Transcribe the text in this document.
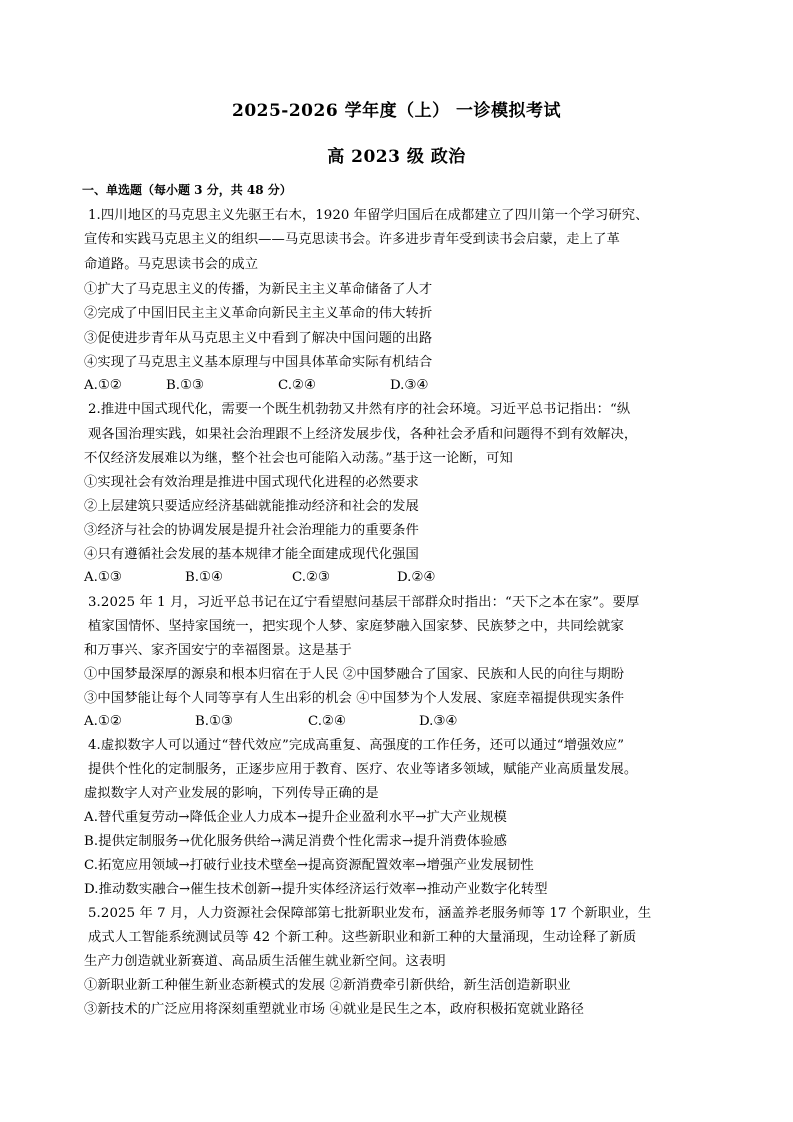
2025-2026 学年度（上） 一诊模拟考试
高 2023 级 政治
一、单选题（每小题 3 分，共 48 分）
1.四川地区的马克思主义先驱王右木，1920 年留学归国后在成都建立了四川第一个学习研究、
宣传和实践马克思主义的组织——马克思读书会。许多进步青年受到读书会启蒙，走上了革
命道路。马克思读书会的成立
①扩大了马克思主义的传播，为新民主主义革命储备了人才
②完成了中国旧民主主义革命向新民主主义革命的伟大转折
③促使进步青年从马克思主义中看到了解决中国问题的出路
④实现了马克思主义基本原理与中国具体革命实际有机结合
A.①②	B.①③	C.②④	D.③④
2.推进中国式现代化，需要一个既生机勃勃又井然有序的社会环境。习近平总书记指出：“纵
观各国治理实践，如果社会治理跟不上经济发展步伐，各种社会矛盾和问题得不到有效解决，
不仅经济发展难以为继，整个社会也可能陷入动荡。”基于这一论断，可知
①实现社会有效治理是推进中国式现代化进程的必然要求
②上层建筑只要适应经济基础就能推动经济和社会的发展
③经济与社会的协调发展是提升社会治理能力的重要条件
④只有遵循社会发展的基本规律才能全面建成现代化强国
A.①③	B.①④	C.②③	D.②④
3.2025 年 1 月，习近平总书记在辽宁看望慰问基层干部群众时指出：“天下之本在家”。要厚
植家国情怀、坚持家国统一，把实现个人梦、家庭梦融入国家梦、民族梦之中，共同绘就家
和万事兴、家齐国安宁的幸福图景。这是基于
①中国梦最深厚的源泉和根本归宿在于人民 ②中国梦融合了国家、民族和人民的向往与期盼
③中国梦能让每个人同等享有人生出彩的机会 ④中国梦为个人发展、家庭幸福提供现实条件
A.①②	B.①③	C.②④	D.③④
4.虚拟数字人可以通过“替代效应”完成高重复、高强度的工作任务，还可以通过“增强效应”
提供个性化的定制服务，正逐步应用于教育、医疗、农业等诸多领域，赋能产业高质量发展。
虚拟数字人对产业发展的影响，下列传导正确的是
A.替代重复劳动→降低企业人力成本→提升企业盈利水平→扩大产业规模
B.提供定制服务→优化服务供给→满足消费个性化需求→提升消费体验感
C.拓宽应用领域→打破行业技术壁垒→提高资源配置效率→增强产业发展韧性
D.推动数实融合→催生技术创新→提升实体经济运行效率→推动产业数字化转型
5.2025 年 7 月，人力资源社会保障部第七批新职业发布，涵盖养老服务师等 17 个新职业，生
成式人工智能系统测试员等 42 个新工种。这些新职业和新工种的大量涌现，生动诠释了新质
生产力创造就业新赛道、高品质生活催生就业新空间。这表明
①新职业新工种催生新业态新模式的发展 ②新消费牵引新供给，新生活创造新职业
③新技术的广泛应用将深刻重塑就业市场 ④就业是民生之本，政府积极拓宽就业路径
